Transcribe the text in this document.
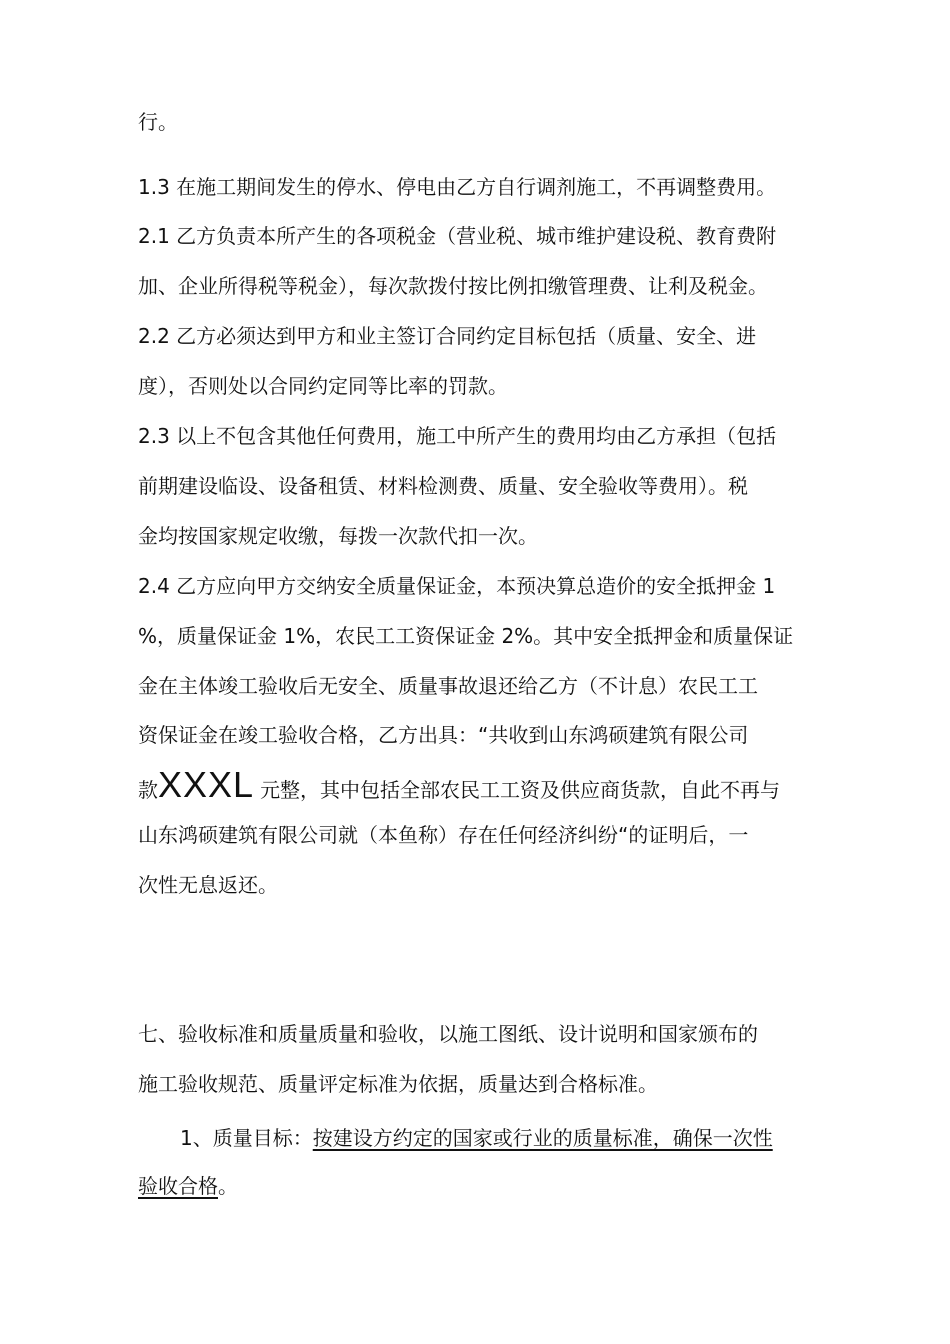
行。
1.3 在施工期间发生的停水、停电由乙方自行调剂施工，不再调整费用。
2.1 乙方负责本所产生的各项税金（营业税、城市维护建设税、教育费附
加、企业所得税等税金），每次款拨付按比例扣缴管理费、让利及税金。
2.2 乙方必须达到甲方和业主签订合同约定目标包括（质量、安全、进
度），否则处以合同约定同等比率的罚款。
2.3 以上不包含其他任何费用，施工中所产生的费用均由乙方承担（包括
前期建设临设、设备租赁、材料检测费、质量、安全验收等费用）。税
金均按国家规定收缴，每拨一次款代扣一次。
2.4 乙方应向甲方交纳安全质量保证金，本预决算总造价的安全抵押金 1
%，质量保证金 1%，农民工工资保证金 2%。其中安全抵押金和质量保证
金在主体竣工验收后无安全、质量事故退还给乙方（不计息）农民工工
资保证金在竣工验收合格，乙方出具：“共收到山东鸿硕建筑有限公司
款XXXL 元整，其中包括全部农民工工资及供应商货款，自此不再与
山东鸿硕建筑有限公司就（本鱼称）存在任何经济纠纷“的证明后，一
次性无息返还。
七、验收标准和质量质量和验收，以施工图纸、设计说明和国家颁布的
施工验收规范、质量评定标准为依据，质量达到合格标准。
1、质量目标：按建设方约定的国家或行业的质量标准，确保一次性
验收合格。
